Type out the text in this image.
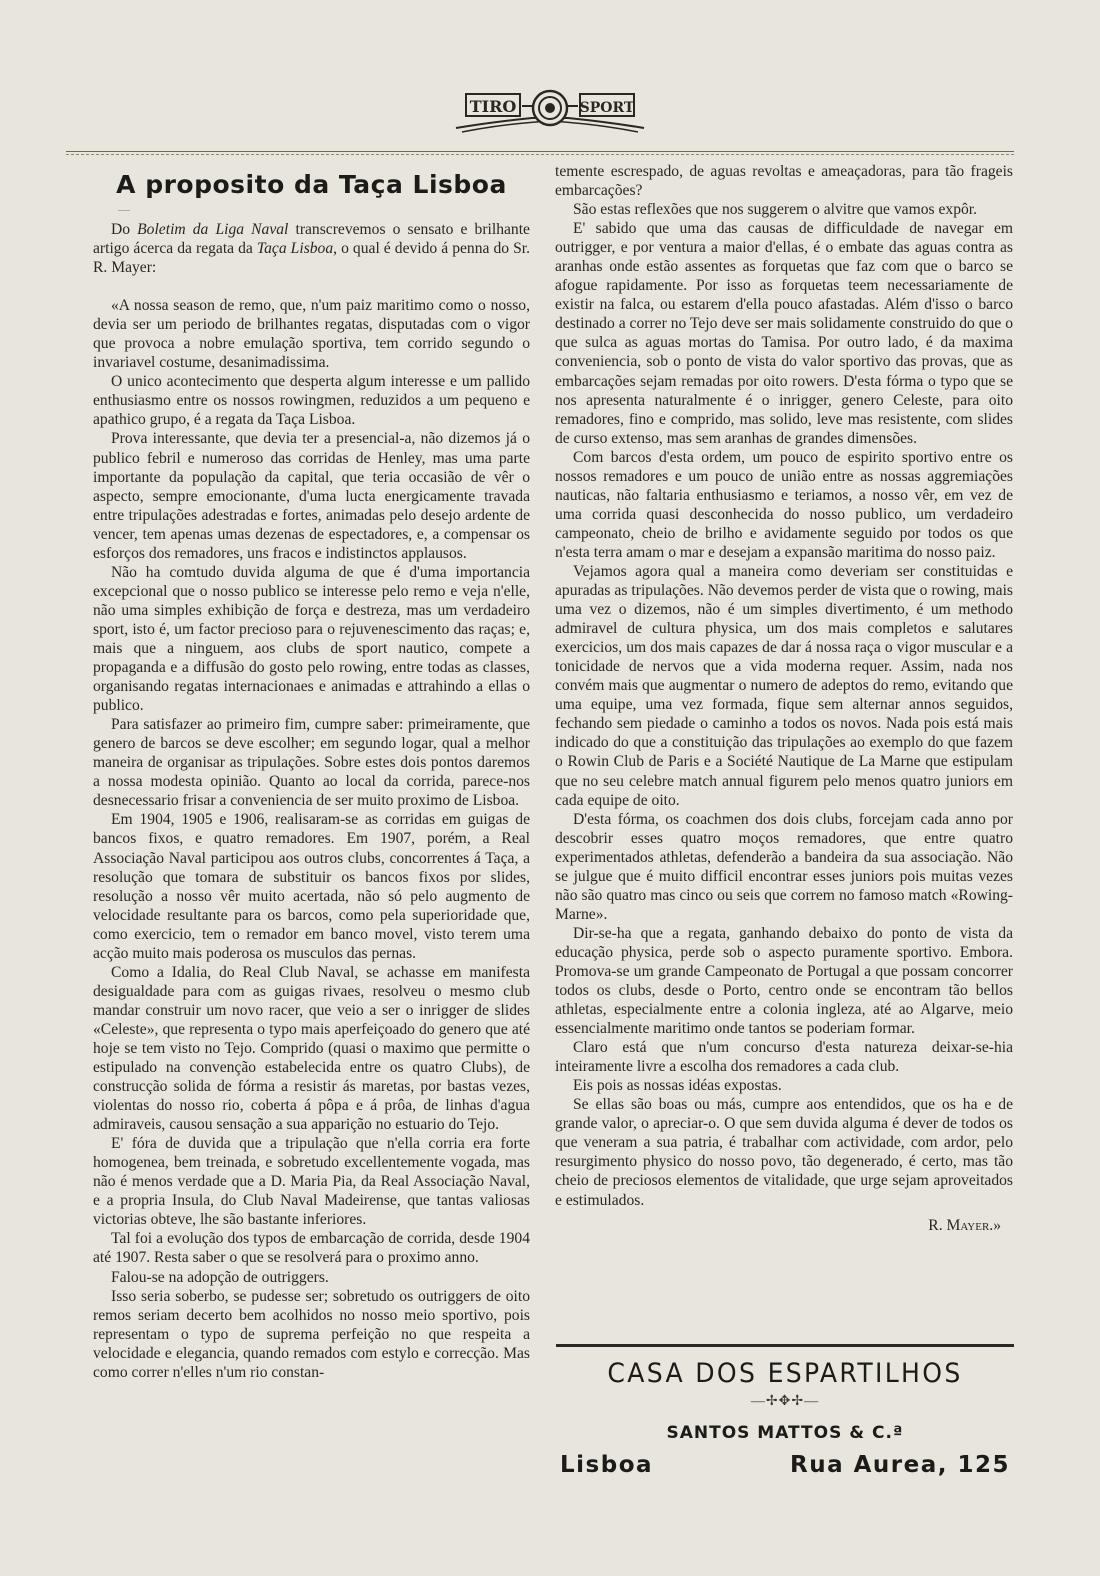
TIRO	SPORT
A proposito da Taça Lisboa
—

Do Boletim da Liga Naval transcrevemos o sensato e brilhante artigo ácerca da regata da Taça Lisboa, o qual é devido á penna do Sr. R. Mayer:

«A nossa season de remo, que, n'um paiz maritimo como o nosso, devia ser um periodo de brilhantes regatas, disputadas com o vigor que provoca a nobre emulação sportiva, tem corrido segundo o invariavel costume, desanimadissima.

O unico acontecimento que desperta algum interesse e um pallido enthusiasmo entre os nossos rowingmen, reduzidos a um pequeno e apathico grupo, é a regata da Taça Lisboa.

Prova interessante, que devia ter a presencial-a, não dizemos já o publico febril e numeroso das corridas de Henley, mas uma parte importante da população da capital, que teria occasião de vêr o aspecto, sempre emocionante, d'uma lucta energicamente travada entre tripulações adestradas e fortes, animadas pelo desejo ardente de vencer, tem apenas umas dezenas de espectadores, e, a compensar os esforços dos remadores, uns fracos e indistinctos applausos.

Não ha comtudo duvida alguma de que é d'uma importancia excepcional que o nosso publico se interesse pelo remo e veja n'elle, não uma simples exhibição de força e destreza, mas um verdadeiro sport, isto é, um factor precioso para o rejuvenescimento das raças; e, mais que a ninguem, aos clubs de sport nautico, compete a propaganda e a diffusão do gosto pelo rowing, entre todas as classes, organisando regatas internacionaes e animadas e attrahindo a ellas o publico.

Para satisfazer ao primeiro fim, cumpre saber: primeiramente, que genero de barcos se deve escolher; em segundo logar, qual a melhor maneira de organisar as tripulações. Sobre estes dois pontos daremos a nossa modesta opinião. Quanto ao local da corrida, parece-nos desnecessario frisar a conveniencia de ser muito proximo de Lisboa.

Em 1904, 1905 e 1906, realisaram-se as corridas em guigas de bancos fixos, e quatro remadores. Em 1907, porém, a Real Associação Naval participou aos outros clubs, concorrentes á Taça, a resolução que tomara de substituir os bancos fixos por slides, resolução a nosso vêr muito acertada, não só pelo augmento de velocidade resultante para os barcos, como pela superioridade que, como exercicio, tem o remador em banco movel, visto terem uma acção muito mais poderosa os musculos das pernas.

Como a Idalia, do Real Club Naval, se achasse em manifesta desigualdade para com as guigas rivaes, resolveu o mesmo club mandar construir um novo racer, que veio a ser o inrigger de slides «Celeste», que representa o typo mais aperfeiçoado do genero que até hoje se tem visto no Tejo. Comprido (quasi o maximo que permitte o estipulado na convenção estabelecida entre os quatro Clubs), de construcção solida de fórma a resistir ás maretas, por bastas vezes, violentas do nosso rio, coberta á pôpa e á prôa, de linhas d'agua admiraveis, causou sensação a sua apparição no estuario do Tejo.

E' fóra de duvida que a tripulação que n'ella corria era forte homogenea, bem treinada, e sobretudo excellentemente vogada, mas não é menos verdade que a D. Maria Pia, da Real Associação Naval, e a propria Insula, do Club Naval Madeirense, que tantas valiosas victorias obteve, lhe são bastante inferiores.

Tal foi a evolução dos typos de embarcação de corrida, desde 1904 até 1907. Resta saber o que se resolverá para o proximo anno.

Falou-se na adopção de outriggers.

Isso seria soberbo, se pudesse ser; sobretudo os outriggers de oito remos seriam decerto bem acolhidos no nosso meio sportivo, pois representam o typo de suprema perfeição no que respeita a velocidade e elegancia, quando remados com estylo e correcção. Mas como correr n'elles n'um rio constan-

temente escrespado, de aguas revoltas e ameaçadoras, para tão frageis embarcações?

São estas reflexões que nos suggerem o alvitre que vamos expôr.

E' sabido que uma das causas de difficuldade de navegar em outrigger, e por ventura a maior d'ellas, é o embate das aguas contra as aranhas onde estão assentes as forquetas que faz com que o barco se afogue rapidamente. Por isso as forquetas teem necessariamente de existir na falca, ou estarem d'ella pouco afastadas. Além d'isso o barco destinado a correr no Tejo deve ser mais solidamente construido do que o que sulca as aguas mortas do Tamisa. Por outro lado, é da maxima conveniencia, sob o ponto de vista do valor sportivo das provas, que as embarcações sejam remadas por oito rowers. D'esta fórma o typo que se nos apresenta naturalmente é o inrigger, genero Celeste, para oito remadores, fino e comprido, mas solido, leve mas resistente, com slides de curso extenso, mas sem aranhas de grandes dimensões.

Com barcos d'esta ordem, um pouco de espirito sportivo entre os nossos remadores e um pouco de união entre as nossas aggremiações nauticas, não faltaria enthusiasmo e teriamos, a nosso vêr, em vez de uma corrida quasi desconhecida do nosso publico, um verdadeiro campeonato, cheio de brilho e avidamente seguido por todos os que n'esta terra amam o mar e desejam a expansão maritima do nosso paiz.

Vejamos agora qual a maneira como deveriam ser constituidas e apuradas as tripulações. Não devemos perder de vista que o rowing, mais uma vez o dizemos, não é um simples divertimento, é um methodo admiravel de cultura physica, um dos mais completos e salutares exercicios, um dos mais capazes de dar á nossa raça o vigor muscular e a tonicidade de nervos que a vida moderna requer. Assim, nada nos convém mais que augmentar o numero de adeptos do remo, evitando que uma equipe, uma vez formada, fique sem alternar annos seguidos, fechando sem piedade o caminho a todos os novos. Nada pois está mais indicado do que a constituição das tripulações ao exemplo do que fazem o Rowin Club de Paris e a Société Nautique de La Marne que estipulam que no seu celebre match annual figurem pelo menos quatro juniors em cada equipe de oito.

D'esta fórma, os coachmen dos dois clubs, forcejam cada anno por descobrir esses quatro moços remadores, que entre quatro experimentados athletas, defenderão a bandeira da sua associação. Não se julgue que é muito difficil encontrar esses juniors pois muitas vezes não são quatro mas cinco ou seis que correm no famoso match «Rowing-Marne».

Dir-se-ha que a regata, ganhando debaixo do ponto de vista da educação physica, perde sob o aspecto puramente sportivo. Embora. Promova-se um grande Campeonato de Portugal a que possam concorrer todos os clubs, desde o Porto, centro onde se encontram tão bellos athletas, especialmente entre a colonia ingleza, até ao Algarve, meio essencialmente maritimo onde tantos se poderiam formar.

Claro está que n'um concurso d'esta natureza deixar-se-hia inteiramente livre a escolha dos remadores a cada club.

Eis pois as nossas idéas expostas.

Se ellas são boas ou más, cumpre aos entendidos, que os ha e de grande valor, o apreciar-o. O que sem duvida alguma é dever de todos os que veneram a sua patria, é trabalhar com actividade, com ardor, pelo resurgimento physico do nosso povo, tão degenerado, é certo, mas tão cheio de preciosos elementos de vitalidade, que urge sejam aproveitados e estimulados.

R. Mayer.»
CASA DOS ESPARTILHOS
—✢✥✢—
SANTOS MATTOS & C.ª
Lisboa	Rua Aurea, 125
